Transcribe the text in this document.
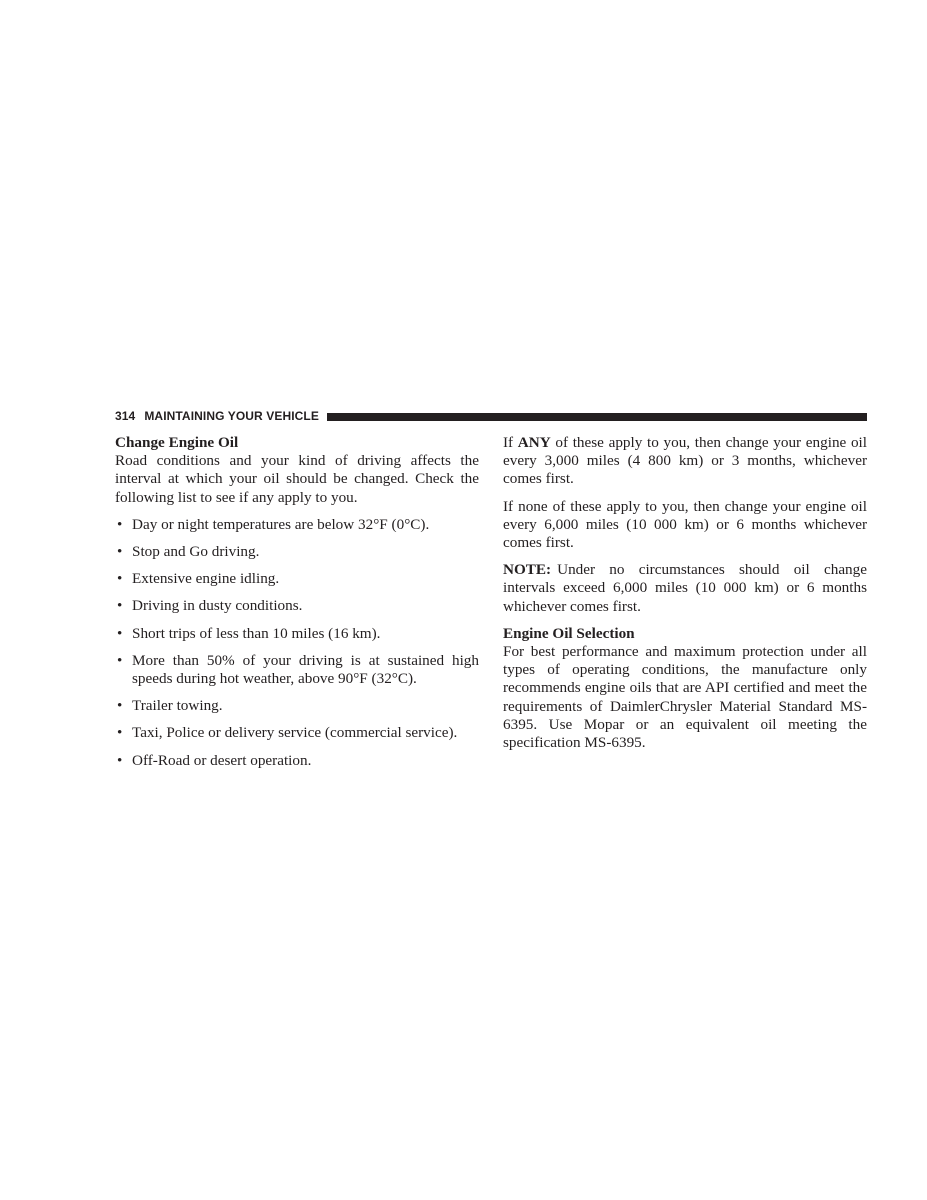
314 MAINTAINING YOUR VEHICLE
Change Engine Oil

Road conditions and your kind of driving affects the interval at which your oil should be changed. Check the following list to see if any apply to you.

• Day or night temperatures are below 32°F (0°C).
• Stop and Go driving.
• Extensive engine idling.
• Driving in dusty conditions.
• Short trips of less than 10 miles (16 km).
• More than 50% of your driving is at sustained high speeds during hot weather, above 90°F (32°C).
• Trailer towing.
• Taxi, Police or delivery service (commercial service).
• Off-Road or desert operation.

If ANY of these apply to you, then change your engine oil every 3,000 miles (4 800 km) or 3 months, whichever comes first.

If none of these apply to you, then change your engine oil every 6,000 miles (10 000 km) or 6 months whichever comes first.

NOTE: Under no circumstances should oil change intervals exceed 6,000 miles (10 000 km) or 6 months whichever comes first.

Engine Oil Selection

For best performance and maximum protection under all types of operating conditions, the manufacture only recommends engine oils that are API certified and meet the requirements of DaimlerChrysler Material Standard MS-6395. Use Mopar or an equivalent oil meeting the specification MS-6395.
